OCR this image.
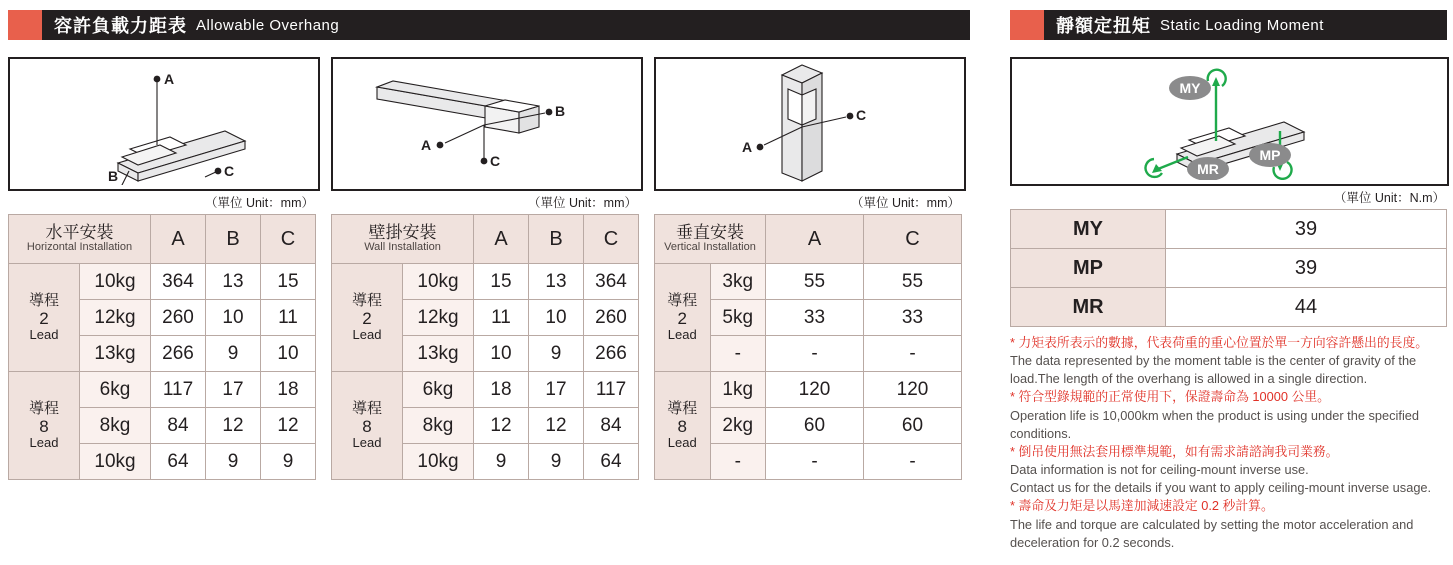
容許負載力距表 Allowable Overhang
A
C
B
（單位 Unit：mm）
A
B
C
（單位 Unit：mm）
A
C
（單位 Unit：mm）
水平安裝
Horizontal Installation		A	B	C

導程
2
Lead	10kg	364	13	15
	12kg	260	10	11
	13kg	266	9	10

導程
8
Lead	6kg	117	17	18
	8kg	84	12	12
	10kg	64	9	9
壁掛安裝
Wall Installation		A	B	C

導程
2
Lead	10kg	15	13	364
	12kg	11	10	260
	13kg	10	9	266

導程
8
Lead	6kg	18	17	117
	8kg	12	12	84
	10kg	9	9	64
垂直安裝
Vertical Installation		A	C

導程
2
Lead	3kg	55	55
	5kg	33	33
	-	-	-

導程
8
Lead	1kg	120	120
	2kg	60	60
	-	-	-
靜額定扭矩 Static Loading Moment
MY
MP
MR
（單位 Unit：N.m）
MY	39
MP	39
MR	44

* 力矩表所表示的數據，代表荷重的重心位置於單一方向容許懸出的長度。

The data represented by the moment table is the center of gravity of the load.The length of the overhang is allowed in a single direction.

* 符合型錄規範的正常使用下，保證壽命為 10000 公里。

Operation life is 10,000km when the product is using under the specified conditions.

* 倒吊使用無法套用標準規範，如有需求請諮詢我司業務。

Data information is not for ceiling-mount inverse use.

Contact us for the details if you want to apply ceiling-mount inverse usage.

* 壽命及力矩是以馬達加減速設定 0.2 秒計算。

The life and torque are calculated by setting the motor acceleration and deceleration for 0.2 seconds.
